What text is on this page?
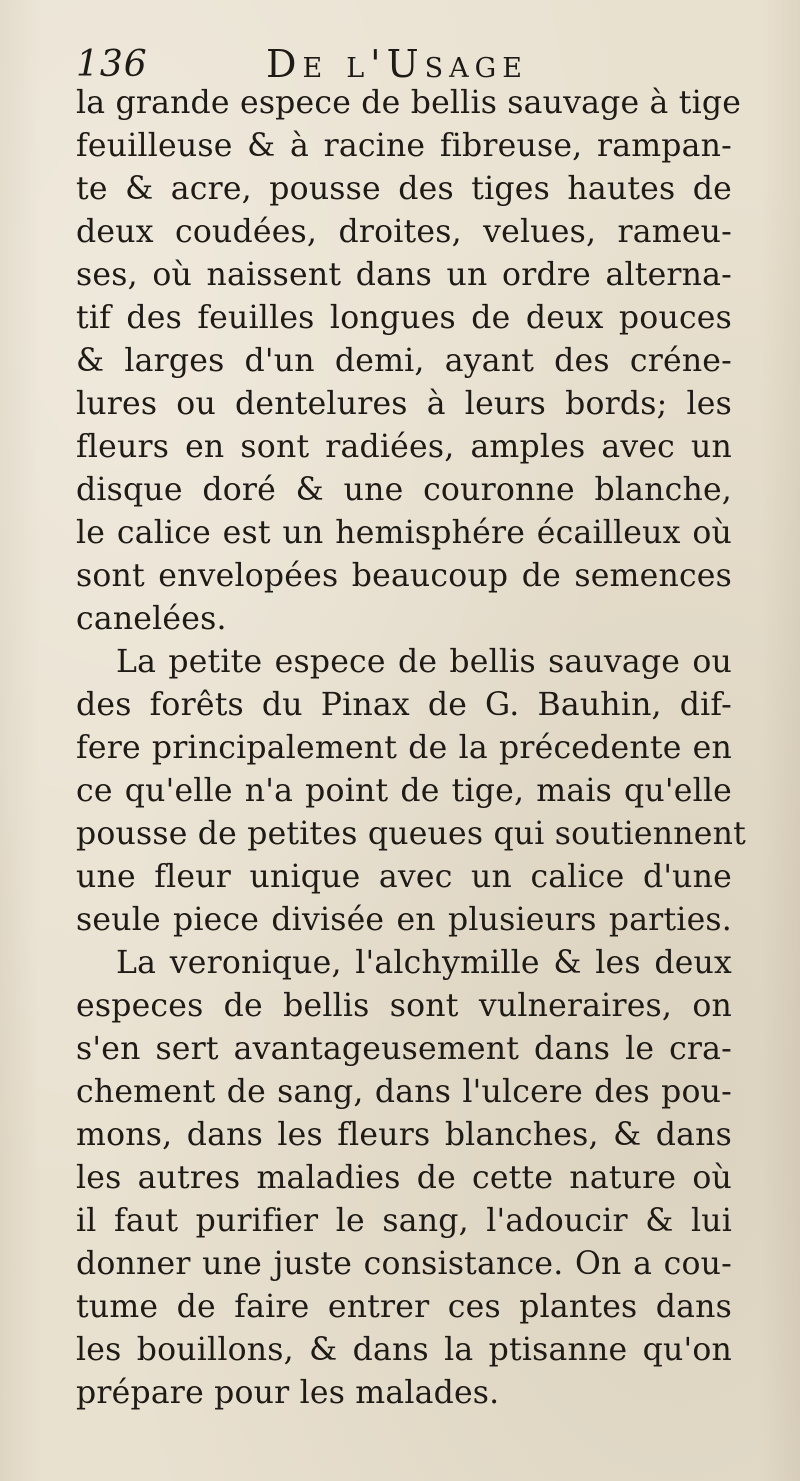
136	De l'Usage
la grande espece de bellis sauvage à tige
feuilleuse & à racine fibreuse, rampan-
te & acre, pousse des tiges hautes de
deux coudées, droites, velues, rameu-
ses, où naissent dans un ordre alterna-
tif des feuilles longues de deux pouces
& larges d'un demi, ayant des créne-
lures ou dentelures à leurs bords; les
fleurs en sont radiées, amples avec un
disque doré & une couronne blanche,
le calice est un hemisphére écailleux où
sont envelopées beaucoup de semences
canelées.
La petite espece de bellis sauvage ou
des forêts du Pinax de G. Bauhin, dif-
fere principalement de la précedente en
ce qu'elle n'a point de tige, mais qu'elle
pousse de petites queues qui soutiennent
une fleur unique avec un calice d'une
seule piece divisée en plusieurs parties.
La veronique, l'alchymille & les deux
especes de bellis sont vulneraires, on
s'en sert avantageusement dans le cra-
chement de sang, dans l'ulcere des pou-
mons, dans les fleurs blanches, & dans
les autres maladies de cette nature où
il faut purifier le sang, l'adoucir & lui
donner une juste consistance. On a cou-
tume de faire entrer ces plantes dans
les bouillons, & dans la ptisanne qu'on
prépare pour les malades.
